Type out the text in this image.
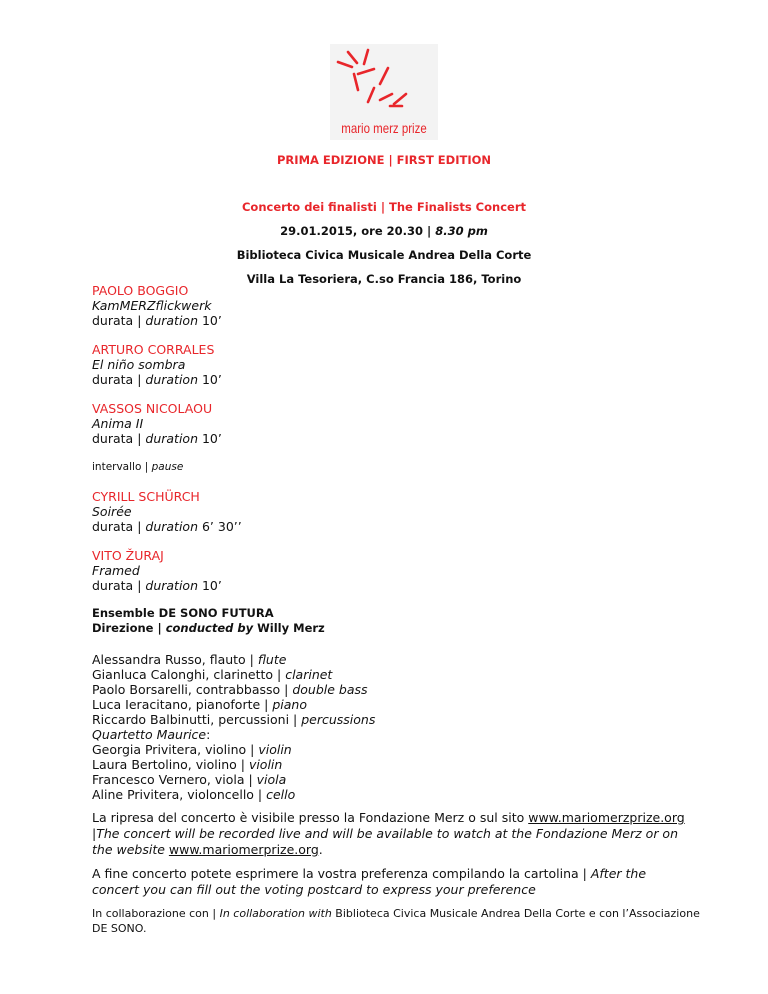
mario merz prize
PRIMA EDIZIONE | FIRST EDITION
Concerto dei finalisti | The Finalists Concert
29.01.2015, ore 20.30 | 8.30 pm
Biblioteca Civica Musicale Andrea Della Corte
Villa La Tesoriera, C.so Francia 186, Torino
PAOLO BOGGIO
KamMERZflickwerk
durata | duration 10’
ARTURO CORRALES
El niño sombra
durata | duration 10’
VASSOS NICOLAOU
Anima II
durata | duration 10’
intervallo | pause
CYRILL SCHÜRCH
Soirée
durata | duration 6’ 30’’
VITO ŽURAJ
Framed
durata | duration 10’
Ensemble DE SONO FUTURA
Direzione | conducted by Willy Merz
Alessandra Russo, flauto | flute
Gianluca Calonghi, clarinetto | clarinet
Paolo Borsarelli, contrabbasso | double bass
Luca Ieracitano, pianoforte | piano
Riccardo Balbinutti, percussioni | percussions
Quartetto Maurice:
Georgia Privitera, violino | violin
Laura Bertolino, violino | violin
Francesco Vernero, viola | viola
Aline Privitera, violoncello | cello
La ripresa del concerto è visibile presso la Fondazione Merz o sul sito www.mariomerzprize.org |The concert will be recorded live and will be available to watch at the Fondazione Merz or on the website www.mariomerprize.org.
A fine concerto potete esprimere la vostra preferenza compilando la cartolina | After the concert you can fill out the voting postcard to express your preference
In collaborazione con | In collaboration with Biblioteca Civica Musicale Andrea Della Corte e con l’Associazione DE SONO.
